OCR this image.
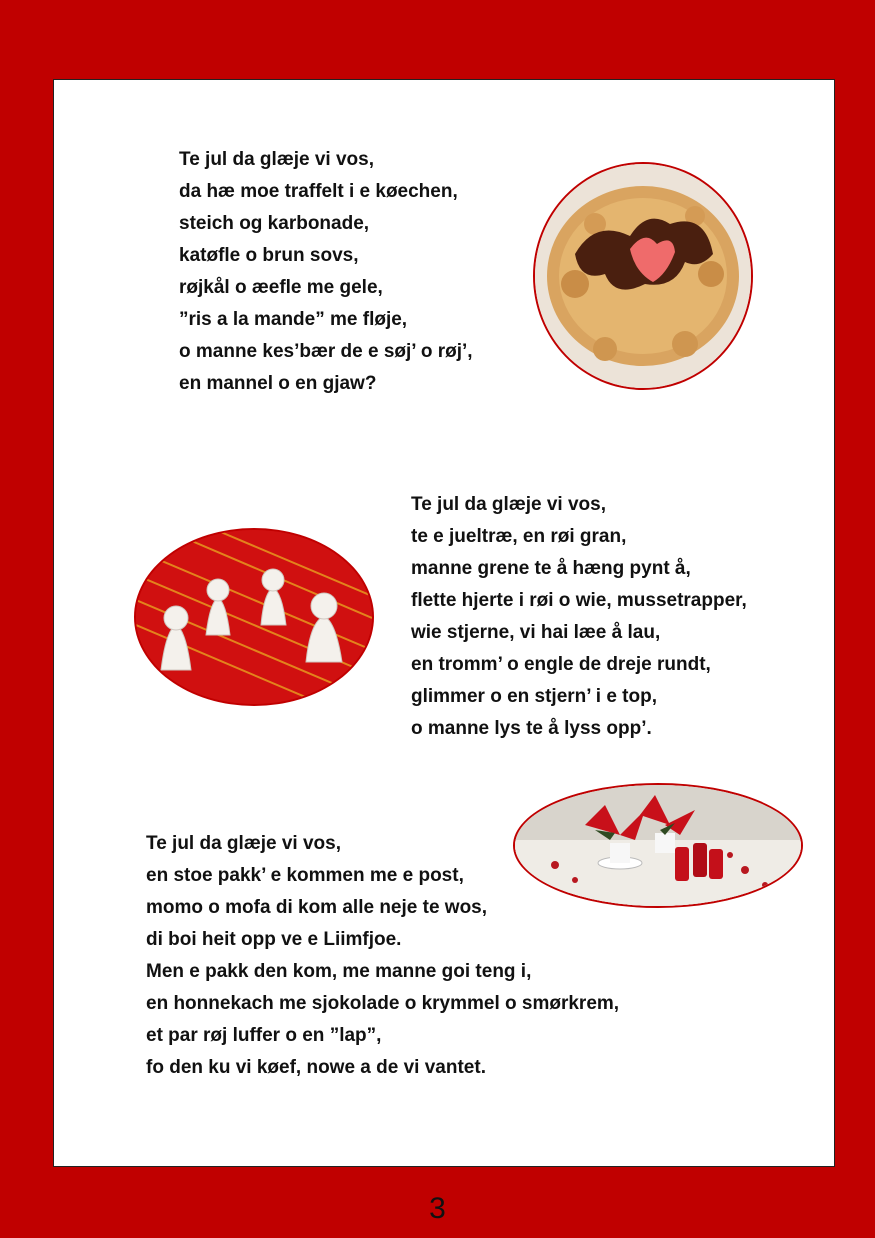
Te jul da glæje vi vos,
da hæ moe traffelt i e køechen,
steich og karbonade,
katøfle o brun sovs,
røjkål o æefle me gele,
”ris a la mande” me fløje,
o manne kes’bær de e søj’ o røj’,
en mannel o en gjaw?
Te jul da glæje vi vos,
te e jueltræ, en røi gran,
manne grene te å hæng pynt å,
flette hjerte i røi o wie, mussetrapper,
wie stjerne, vi hai læe å lau,
en tromm’ o engle de dreje rundt,
glimmer o en stjern’ i e top,
o manne lys te å lyss opp’.
Te jul da glæje vi vos,
en stoe pakk’ e kommen me e post,
momo o mofa di kom alle neje te wos,
di boi heit opp ve e Liimfjoe.
Men e pakk den kom, me manne goi teng i,
en honnekach me sjokolade o krymmel o smørkrem,
et par røj luffer o en ”lap”,
fo den ku vi køef, nowe a de vi vantet.
3
